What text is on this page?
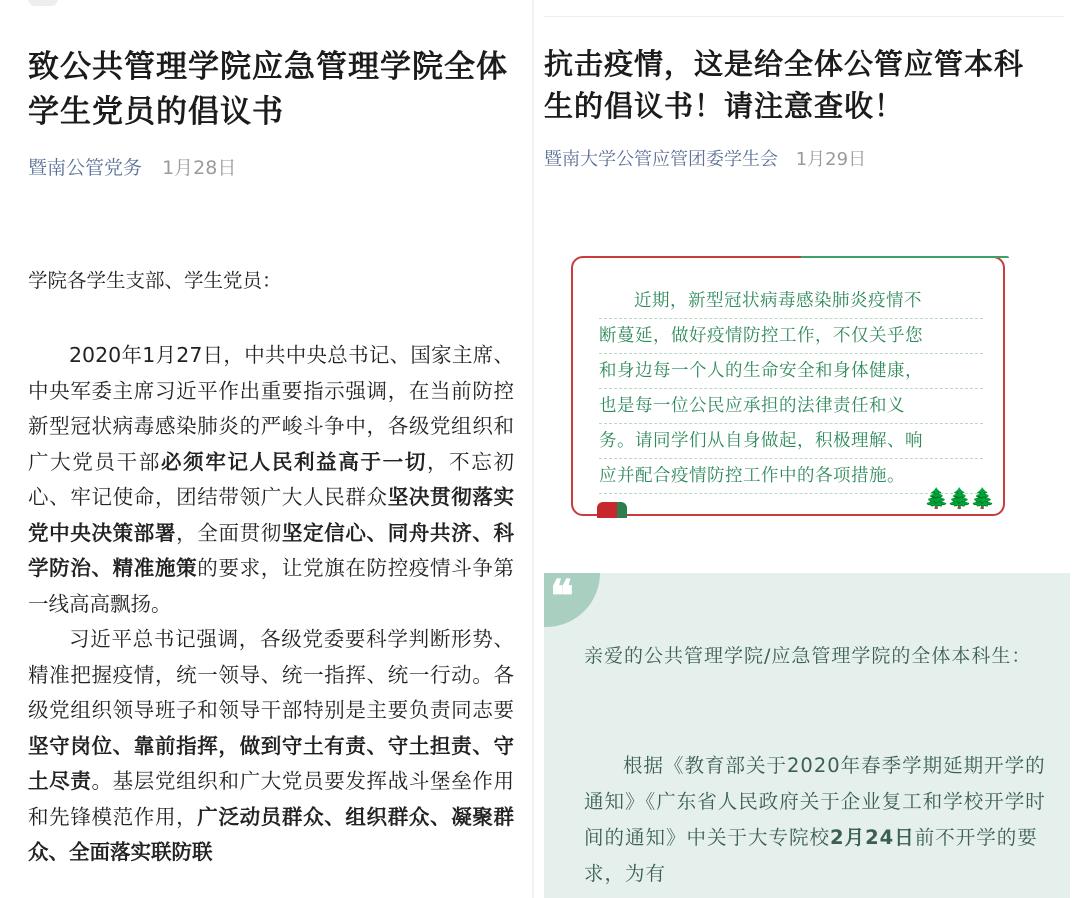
致公共管理学院应急管理学院全体学生党员的倡议书
暨南公管党务 1月28日
学院各学生支部、学生党员：

2020年1月27日，中共中央总书记、国家主席、中央军委主席习近平作出重要指示强调，在当前防控新型冠状病毒感染肺炎的严峻斗争中，各级党组织和广大党员干部必须牢记人民利益高于一切，不忘初心、牢记使命，团结带领广大人民群众坚决贯彻落实党中央决策部署，全面贯彻坚定信心、同舟共济、科学防治、精准施策的要求，让党旗在防控疫情斗争第一线高高飘扬。

习近平总书记强调，各级党委要科学判断形势、精准把握疫情，统一领导、统一指挥、统一行动。各级党组织领导班子和领导干部特别是主要负责同志要坚守岗位、靠前指挥，做到守土有责、守土担责、守土尽责。基层党组织和广大党员要发挥战斗堡垒作用和先锋模范作用，广泛动员群众、组织群众、凝聚群众、全面落实联防联

抗击疫情，这是给全体公管应管本科生的倡议书！请注意查收！
暨南大学公管应管团委学生会 1月29日
近期，新型冠状病毒感染肺炎疫情不
断蔓延，做好疫情防控工作，不仅关乎您
和身边每一个人的生命安全和身体健康，
也是每一位公民应承担的法律责任和义
务。请同学们从自身做起，积极理解、响
应并配合疫情防控工作中的各项措施。
🌲🌲🌲
❝

亲爱的公共管理学院/应急管理学院的全体本科生：

根据《教育部关于2020年春季学期延期开学的通知》《广东省人民政府关于企业复工和学校开学时间的通知》中关于大专院校2月24日前不开学的要求，为有
